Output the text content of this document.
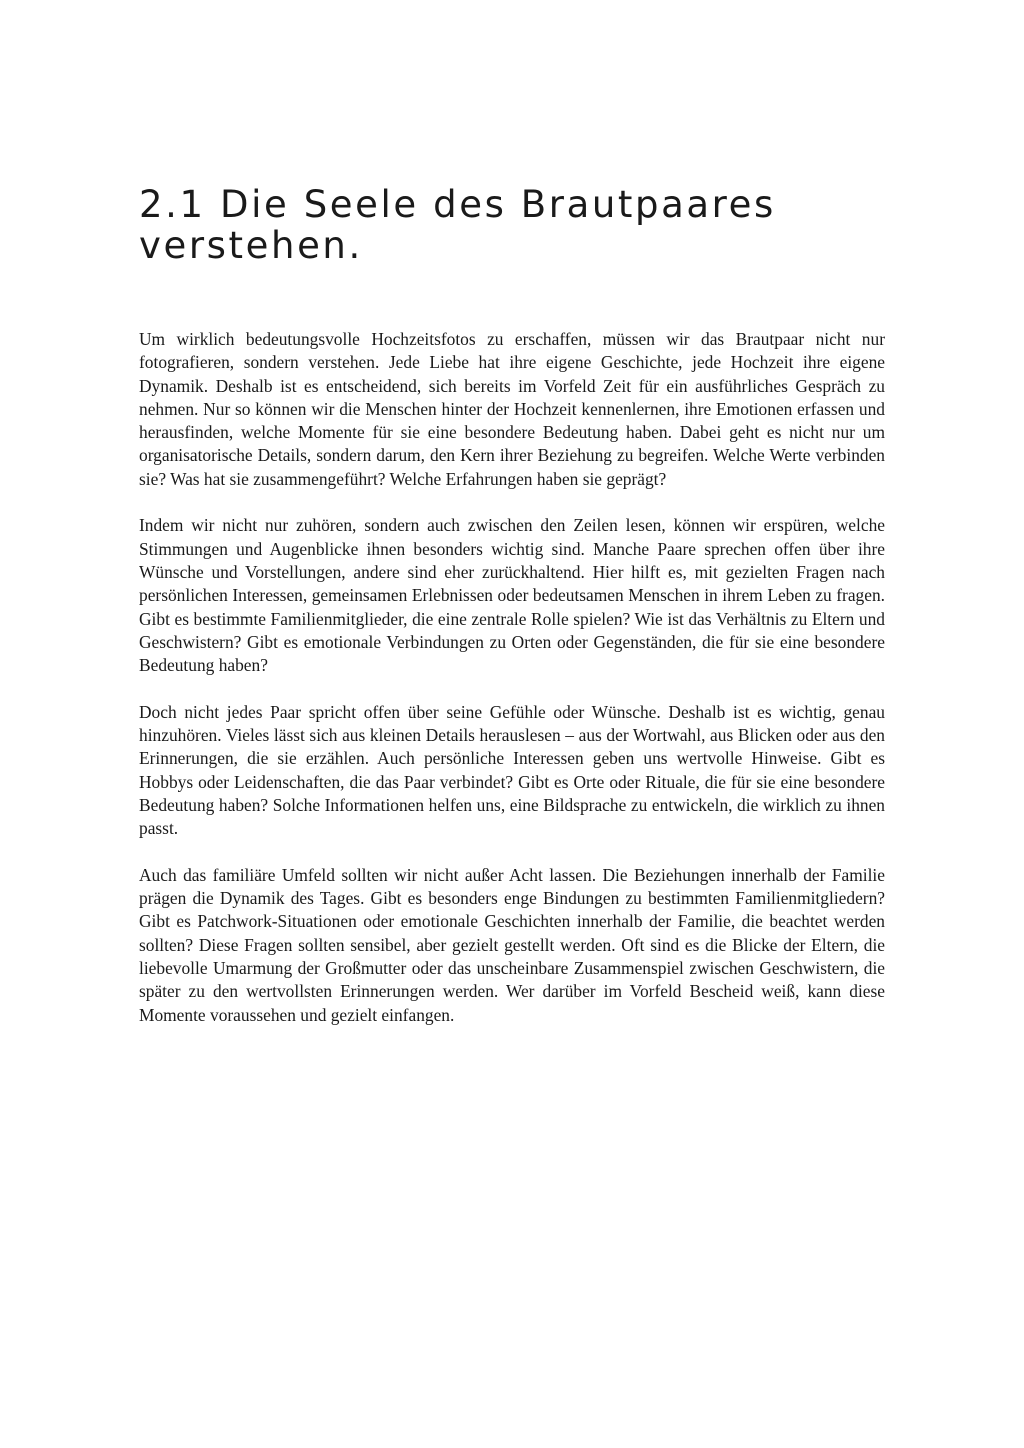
2.1 Die Seele des Brautpaares verstehen.

Um wirklich bedeutungsvolle Hochzeitsfotos zu erschaffen, müssen wir das Brautpaar nicht nur fotografieren, sondern verstehen. Jede Liebe hat ihre eigene Geschichte, jede Hochzeit ihre eigene Dynamik. Deshalb ist es entscheidend, sich bereits im Vorfeld Zeit für ein ausführliches Gespräch zu nehmen. Nur so können wir die Menschen hinter der Hochzeit kennenlernen, ihre Emotionen erfassen und herausfinden, welche Momente für sie eine besondere Bedeutung haben. Dabei geht es nicht nur um organisatorische Details, sondern darum, den Kern ihrer Beziehung zu begreifen. Welche Werte verbinden sie? Was hat sie zusammengeführt? Welche Erfahrungen haben sie geprägt?

Indem wir nicht nur zuhören, sondern auch zwischen den Zeilen lesen, können wir erspüren, welche Stimmungen und Augenblicke ihnen besonders wichtig sind. Manche Paare sprechen offen über ihre Wünsche und Vorstellungen, andere sind eher zurückhaltend. Hier hilft es, mit gezielten Fragen nach persönlichen Interessen, gemeinsamen Erlebnissen oder bedeutsamen Menschen in ihrem Leben zu fragen. Gibt es bestimmte Familienmitglieder, die eine zentrale Rolle spielen? Wie ist das Verhältnis zu Eltern und Geschwistern? Gibt es emotionale Verbindungen zu Orten oder Gegenständen, die für sie eine besondere Bedeutung haben?

Doch nicht jedes Paar spricht offen über seine Gefühle oder Wünsche. Deshalb ist es wichtig, genau hinzuhören. Vieles lässt sich aus kleinen Details herauslesen – aus der Wortwahl, aus Blicken oder aus den Erinnerungen, die sie erzählen. Auch persönliche Interessen geben uns wertvolle Hinweise. Gibt es Hobbys oder Leidenschaften, die das Paar verbindet? Gibt es Orte oder Rituale, die für sie eine besondere Bedeutung haben? Solche Informationen helfen uns, eine Bildsprache zu entwickeln, die wirklich zu ihnen passt.

Auch das familiäre Umfeld sollten wir nicht außer Acht lassen. Die Beziehungen innerhalb der Familie prägen die Dynamik des Tages. Gibt es besonders enge Bindungen zu bestimmten Familienmitgliedern? Gibt es Patchwork-Situationen oder emotionale Geschichten innerhalb der Familie, die beachtet werden sollten? Diese Fragen sollten sensibel, aber gezielt gestellt werden. Oft sind es die Blicke der Eltern, die liebevolle Umarmung der Großmutter oder das unscheinbare Zusammenspiel zwischen Geschwistern, die später zu den wertvollsten Erinnerungen werden. Wer darüber im Vorfeld Bescheid weiß, kann diese Momente voraussehen und gezielt einfangen.
